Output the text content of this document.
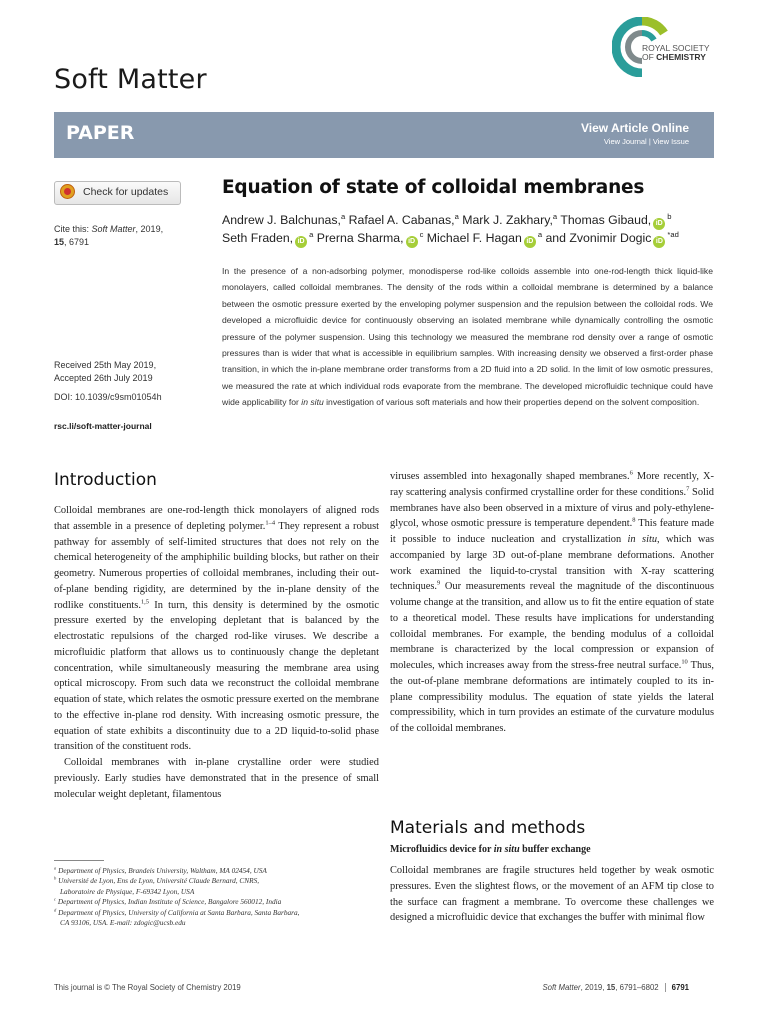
Soft Matter
ROYAL SOCIETY
OF CHEMISTRY
PAPER	View Article Online
View Journal | View Issue
Check for updates
Cite this: Soft Matter, 2019,
15, 6791
Received 25th May 2019,
Accepted 26th July 2019
DOI: 10.1039/c9sm01054h
rsc.li/soft-matter-journal
Equation of state of colloidal membranes
Andrew J. Balchunas,$^a$ Rafael A. Cabanas,$^a$ Mark J. Zakhary,$^a$ Thomas Gibaud, $iD^b$
Seth Fraden, $iD^a$ Prerna Sharma, $iD^c$ Michael F. Hagan $iD^a$ and Zvonimir Dogic $iD^{*ad}$
In the presence of a non-adsorbing polymer, monodisperse rod-like colloids assemble into one-rod-length thick liquid-like monolayers, called colloidal membranes. The density of the rods within a colloidal membrane is determined by a balance between the osmotic pressure exerted by the enveloping polymer suspension and the repulsion between the colloidal rods. We developed a microfluidic device for continuously observing an isolated membrane while dynamically controlling the osmotic pressure of the polymer suspension. Using this technology we measured the membrane rod density over a range of osmotic pressures than is wider that what is accessible in equilibrium samples. With increasing density we observed a first-order phase transition, in which the in-plane membrane order transforms from a 2D fluid into a 2D solid. In the limit of low osmotic pressures, we measured the rate at which individual rods evaporate from the membrane. The developed microfluidic technique could have wide applicability for in situ investigation of various soft materials and how their properties depend on the solvent composition.
Introduction

Colloidal membranes are one-rod-length thick monolayers of aligned rods that assemble in a presence of depleting polymer.$^{1-4}$ They represent a robust pathway for assembly of self-limited structures that does not rely on the chemical heterogeneity of the amphiphilic building blocks, but rather on their geometry. Numerous properties of colloidal membranes, including their out-of-plane bending rigidity, are determined by the in-plane density of the rodlike constituents.$^{1,5}$ In turn, this density is determined by the osmotic pressure exerted by the enveloping depletant that is balanced by the electrostatic repulsions of the charged rod-like viruses. We describe a microfluidic platform that allows us to continuously change the depletant concentration, while simultaneously measuring the membrane area using optical microscopy. From such data we reconstruct the colloidal membrane equation of state, which relates the osmotic pressure exerted on the membrane to the effective in-plane rod density. With increasing osmotic pressure, the equation of state exhibits a discontinuity due to a 2D liquid-to-solid phase transition of the constituent rods.

Colloidal membranes with in-plane crystalline order were studied previously. Early studies have demonstrated that in the presence of small molecular weight depletant, filamentous

$^a$ Department of Physics, Brandeis University, Waltham, MA 02454, USA
$^b$ Université de Lyon, Ens de Lyon, Université Claude Bernard, CNRS,
Laboratoire de Physique, F-69342 Lyon, USA
$^c$ Department of Physics, Indian Institute of Science, Bangalore 560012, India
$^d$ Department of Physics, University of California at Santa Barbara, Santa Barbara,
CA 93106, USA. E-mail: zdogic@ucsb.edu

viruses assembled into hexagonally shaped membranes.$^6$ More recently, X-ray scattering analysis confirmed crystalline order for these conditions.$^7$ Solid membranes have also been observed in a mixture of virus and poly-ethylene-glycol, whose osmotic pressure is temperature dependent.$^8$ This feature made it possible to induce nucleation and crystallization in situ, which was accompanied by large 3D out-of-plane membrane deformations. Another work examined the liquid-to-crystal transition with X-ray scattering techniques.$^9$ Our measurements reveal the magnitude of the discontinuous volume change at the transition, and allow us to fit the entire equation of state to a theoretical model. These results have implications for understanding colloidal membranes. For example, the bending modulus of a colloidal membrane is characterized by the local compression or expansion of molecules, which increases away from the stress-free neutral surface.$^{10}$ Thus, the out-of-plane membrane deformations are intimately coupled to its in-plane compressibility modulus. The equation of state yields the lateral compressibility, which in turn provides an estimate of the curvature modulus of the colloidal membranes.

Materials and methods
Microfluidics device for in situ buffer exchange

Colloidal membranes are fragile structures held together by weak osmotic pressures. Even the slightest flows, or the movement of an AFM tip close to the surface can fragment a membrane. To overcome these challenges we designed a microfluidic device that exchanges the buffer with minimal flow

This journal is © The Royal Society of Chemistry 2019	Soft Matter, 2019, 15, 6791–6802 6791
